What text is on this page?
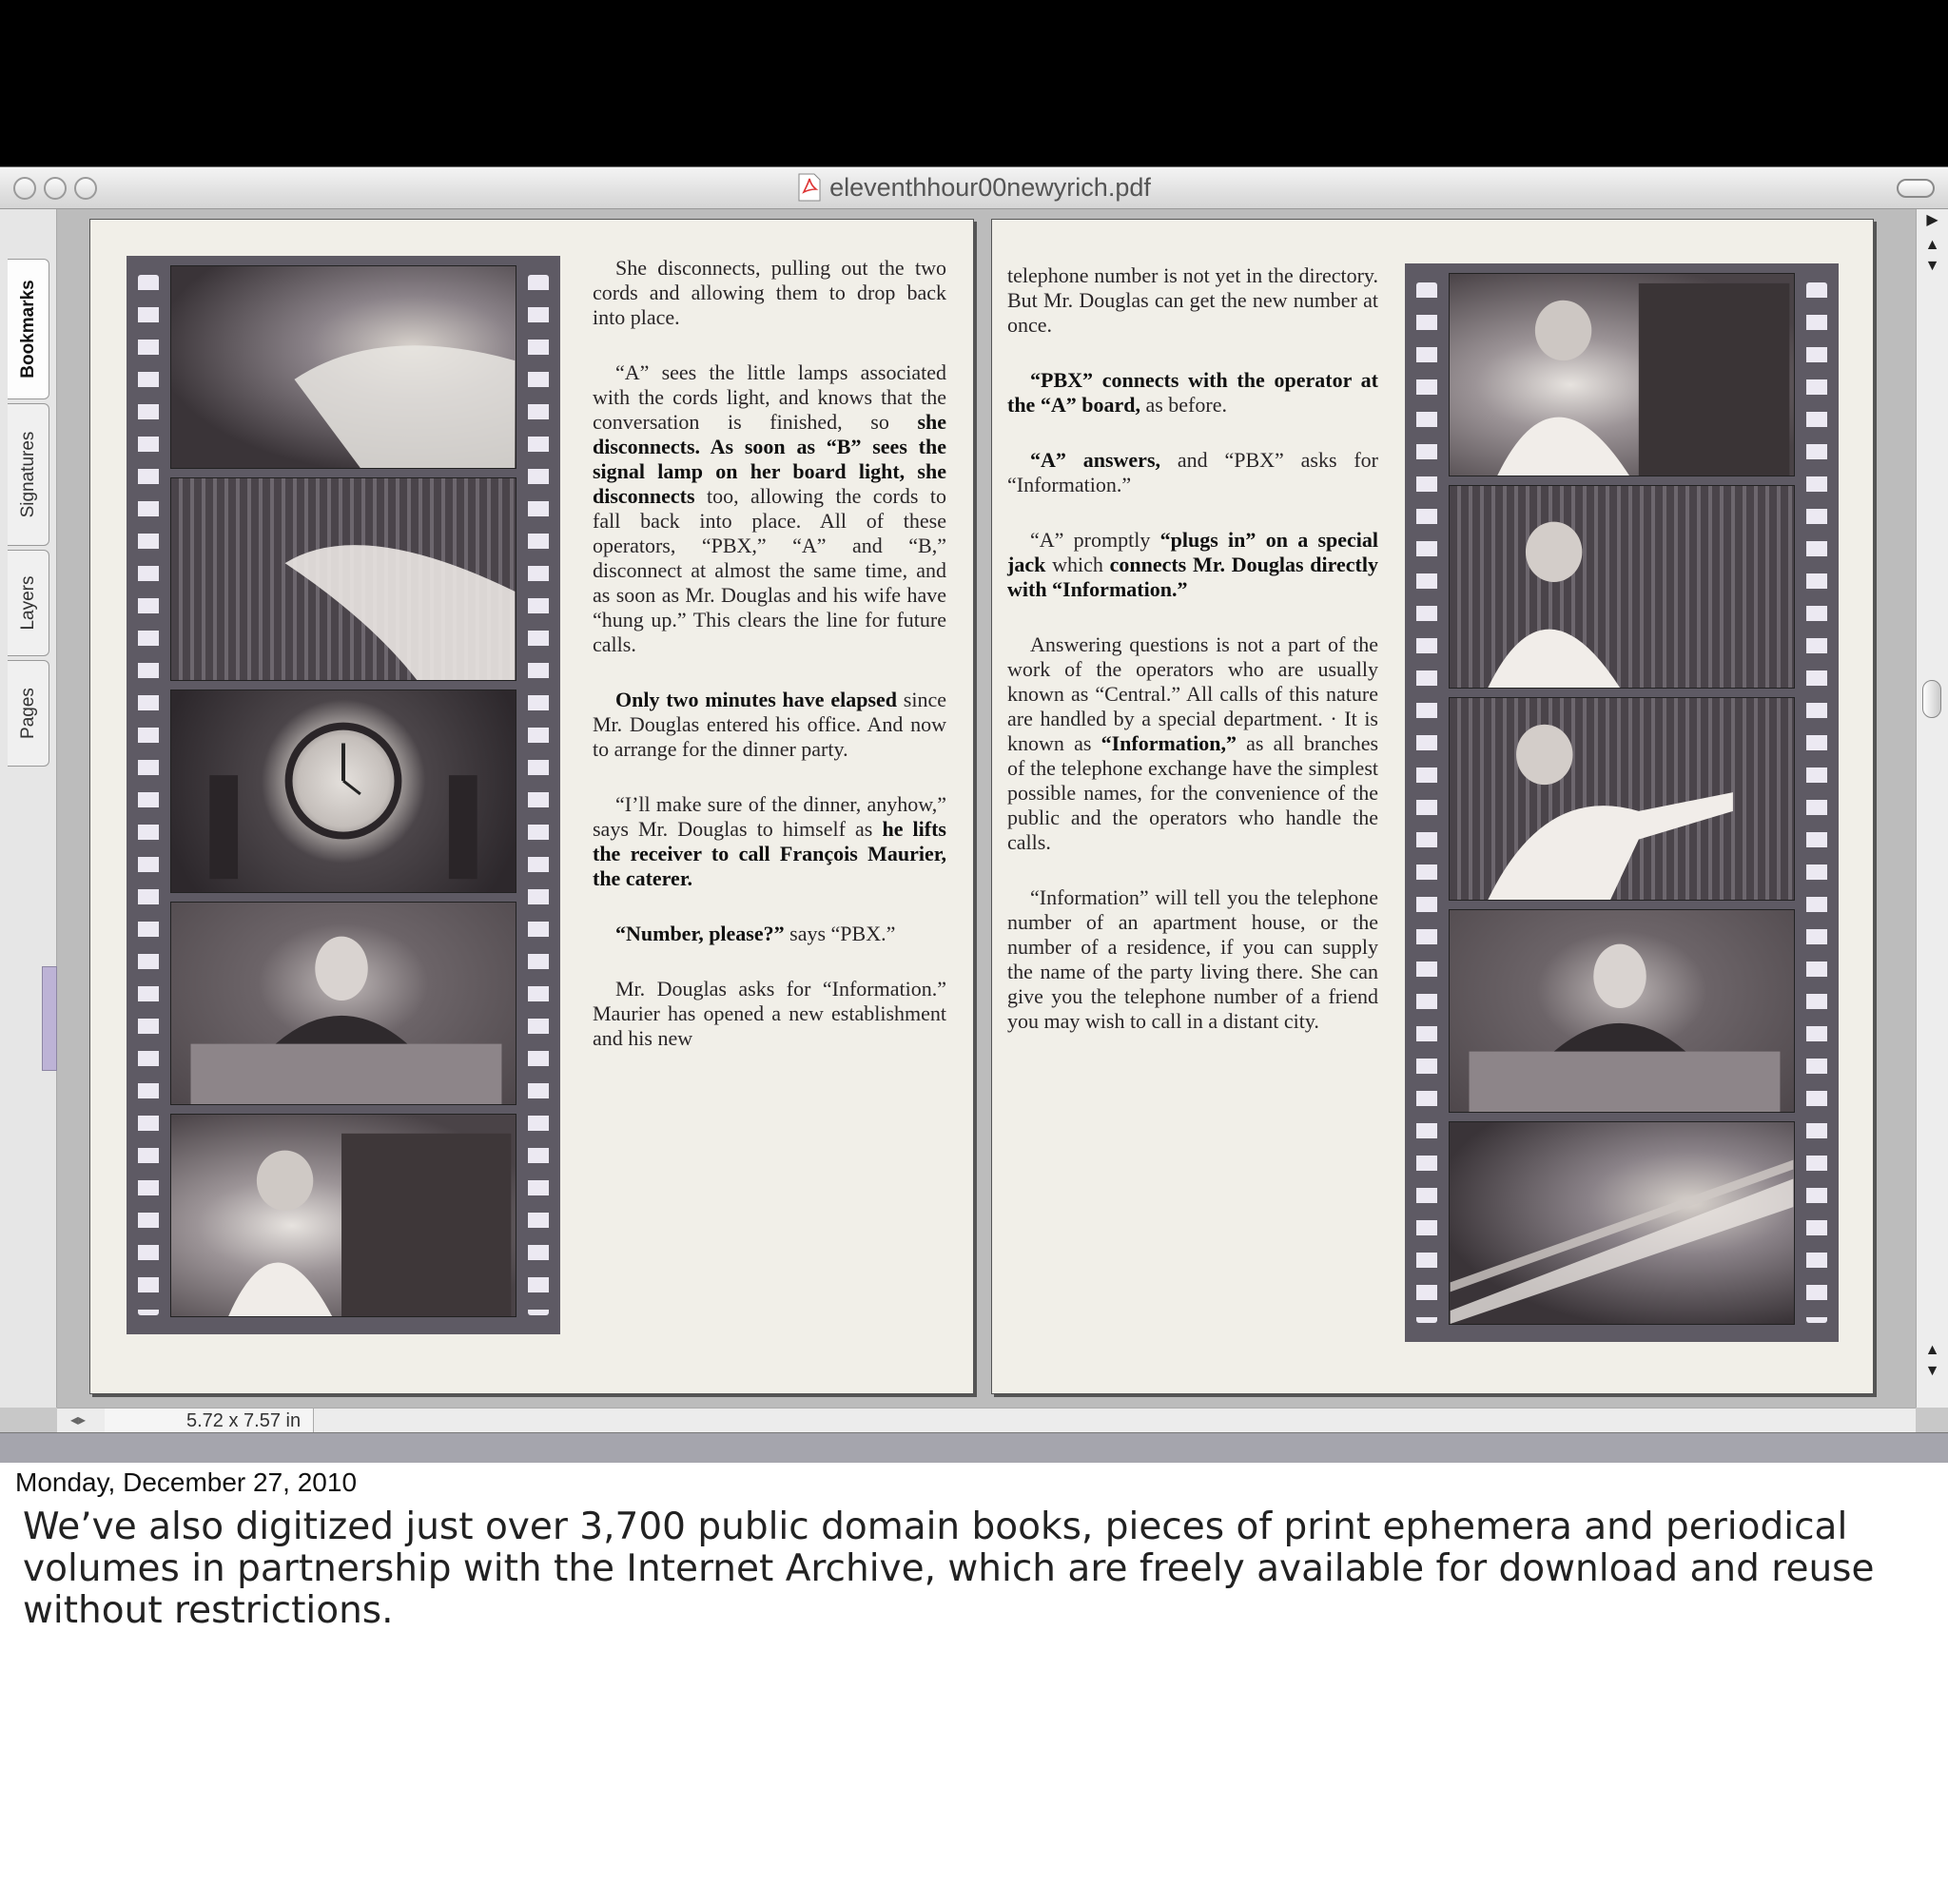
eleventhhour00newyrich.pdf
Bookmarks
Signatures
Layers
Pages

She disconnects, pulling out the two cords and allowing them to drop back into place.

“A” sees the little lamps associated with the cords light, and knows that the conversation is finished, so she disconnects. As soon as “B” sees the signal lamp on her board light, she disconnects too, allowing the cords to fall back into place. All of these operators, “PBX,” “A” and “B,” disconnect at almost the same time, and as soon as Mr. Douglas and his wife have “hung up.” This clears the line for future calls.

Only two minutes have elapsed since Mr. Douglas entered his office. And now to arrange for the dinner party.

“I’ll make sure of the dinner, anyhow,” says Mr. Douglas to himself as he lifts the receiver to call François Maurier, the caterer.

“Number, please?” says “PBX.”

Mr. Douglas asks for “Information.” Maurier has opened a new establishment and his new

telephone number is not yet in the directory. But Mr. Douglas can get the new number at once.

“PBX” connects with the operator at the “A” board, as before.

“A” answers, and “PBX” asks for “Information.”

“A” promptly “plugs in” on a special jack which connects Mr. Douglas directly with “Information.”

Answering questions is not a part of the work of the operators who are usually known as “Central.” All calls of this nature are handled by a special department. · It is known as “Information,” as all branches of the telephone exchange have the simplest possible names, for the convenience of the public and the operators who handle the calls.

“Information” will tell you the telephone number of an apartment house, or the number of a residence, if you can supply the name of the party living there. She can give you the telephone number of a friend you may wish to call in a distant city.

▶
▲
▼
▲
▼
◂▸	5.72 x 7.57 in
Monday, December 27, 2010
We’ve also digitized just over 3,700 public domain books, pieces of print ephemera and periodical volumes in partnership with the Internet Archive, which are freely available for download and reuse without restrictions.
